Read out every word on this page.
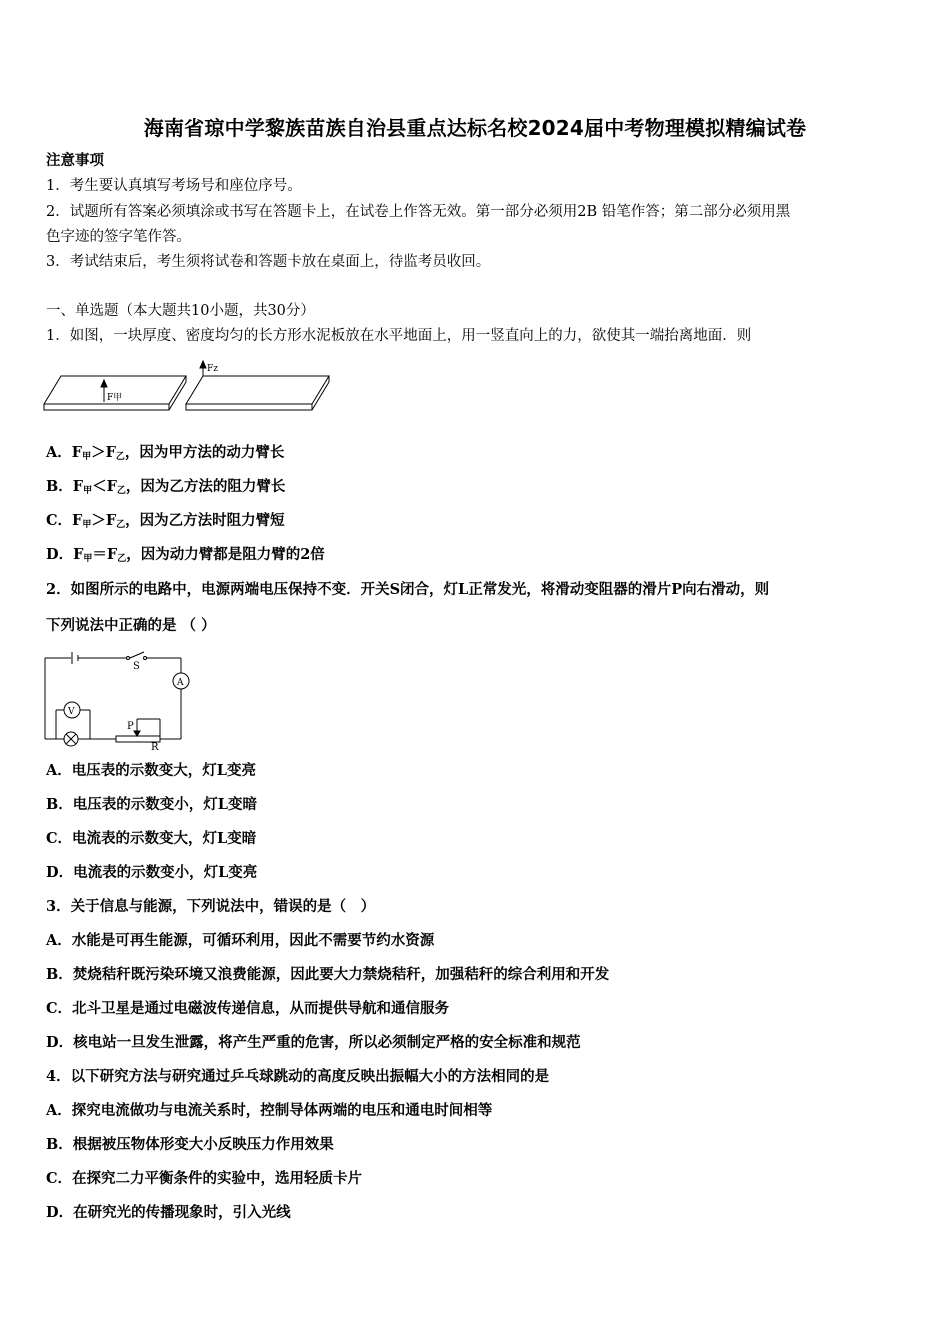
海南省琼中学黎族苗族自治县重点达标名校2024届中考物理模拟精编试卷
注意事项
1．考生要认真填写考场号和座位序号。
2．试题所有答案必须填涂或书写在答题卡上，在试卷上作答无效。第一部分必须用2B 铅笔作答；第二部分必须用黑
色字迹的签字笔作答。
3．考试结束后，考生须将试卷和答题卡放在桌面上，待监考员收回。
一、单选题（本大题共10小题，共30分）
1．如图，一块厚度、密度均匀的长方形水泥板放在水平地面上，用一竖直向上的力，欲使其一端抬离地面．则
F甲
Fz
A．$F_甲>F_乙$，因为甲方法的动力臂长
B．$F_甲<F_乙$，因为乙方法的阻力臂长
C．$F_甲>F_乙$，因为乙方法时阻力臂短
D．$F_甲=F_乙$，因为动力臂都是阻力臂的2倍
2．如图所示的电路中，电源两端电压保持不变．开关S闭合，灯L正常发光，将滑动变阻器的滑片P向右滑动，则
下列说法中正确的是 （ ）
S
A
V
P
R
A．电压表的示数变大，灯L变亮
B．电压表的示数变小，灯L变暗
C．电流表的示数变大，灯L变暗
D．电流表的示数变小，灯L变亮
3．关于信息与能源，下列说法中，错误的是（　）
A．水能是可再生能源，可循环利用，因此不需要节约水资源
B．焚烧秸秆既污染环境又浪费能源，因此要大力禁烧秸秆，加强秸秆的综合利用和开发
C．北斗卫星是通过电磁波传递信息，从而提供导航和通信服务
D．核电站一旦发生泄露，将产生严重的危害，所以必须制定严格的安全标准和规范
4．以下研究方法与研究通过乒乓球跳动的高度反映出振幅大小的方法相同的是
A．探究电流做功与电流关系时，控制导体两端的电压和通电时间相等
B．根据被压物体形变大小反映压力作用效果
C．在探究二力平衡条件的实验中，选用轻质卡片
D．在研究光的传播现象时，引入光线
